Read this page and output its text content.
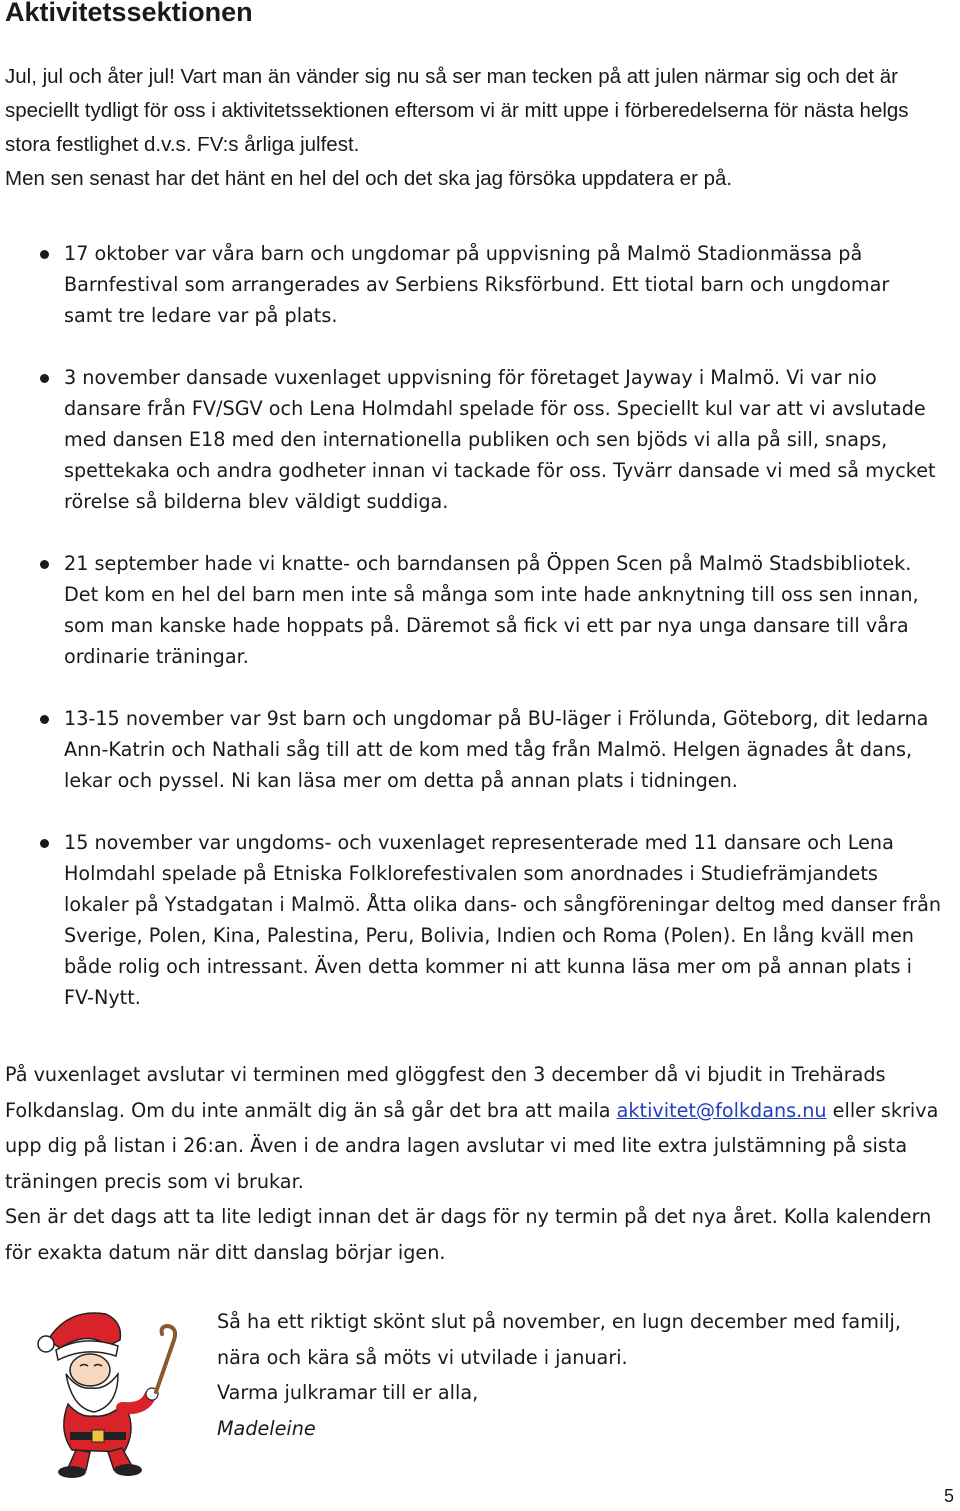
Aktivitetssektionen

Jul, jul och åter jul! Vart man än vänder sig nu så ser man tecken på att julen närmar sig och det är speciellt tydligt för oss i aktivitetssektionen eftersom vi är mitt uppe i förberedelserna för nästa helgs stora festlighet d.v.s. FV:s årliga julfest.
Men sen senast har det hänt en hel del och det ska jag försöka uppdatera er på.

17 oktober var våra barn och ungdomar på uppvisning på Malmö Stadionmässa på Barnfestival som arrangerades av Serbiens Riksförbund. Ett tiotal barn och ungdomar samt tre ledare var på plats.
3 november dansade vuxenlaget uppvisning för företaget Jayway i Malmö. Vi var nio dansare från FV/SGV och Lena Holmdahl spelade för oss. Speciellt kul var att vi avslutade med dansen E18 med den internationella publiken och sen bjöds vi alla på sill, snaps, spettekaka och andra godheter innan vi tackade för oss. Tyvärr dansade vi med så mycket rörelse så bilderna blev väldigt suddiga.
21 september hade vi knatte- och barndansen på Öppen Scen på Malmö Stadsbibliotek. Det kom en hel del barn men inte så många som inte hade anknytning till oss sen innan, som man kanske hade hoppats på. Däremot så fick vi ett par nya unga dansare till våra ordinarie träningar.
13-15 november var 9st barn och ungdomar på BU-läger i Frölunda, Göteborg, dit ledarna Ann-Katrin och Nathali såg till att de kom med tåg från Malmö. Helgen ägnades åt dans, lekar och pyssel. Ni kan läsa mer om detta på annan plats i tidningen.
15 november var ungdoms- och vuxenlaget representerade med 11 dansare och Lena Holmdahl spelade på Etniska Folklorefestivalen som anordnades i Studiefrämjandets lokaler på Ystadgatan i Malmö. Åtta olika dans- och sångföreningar deltog med danser från Sverige, Polen, Kina, Palestina, Peru, Bolivia, Indien och Roma (Polen). En lång kväll men både rolig och intressant. Även detta kommer ni att kunna läsa mer om på annan plats i FV-Nytt.

På vuxenlaget avslutar vi terminen med glöggfest den 3 december då vi bjudit in Trehärads Folkdanslag. Om du inte anmält dig än så går det bra att maila aktivitet@folkdans.nu eller skriva upp dig på listan i 26:an. Även i de andra lagen avslutar vi med lite extra julstämning på sista träningen precis som vi brukar.

Sen är det dags att ta lite ledigt innan det är dags för ny termin på det nya året. Kolla kalendern för exakta datum när ditt danslag börjar igen.

Så ha ett riktigt skönt slut på november, en lugn december med familj, nära och kära så möts vi utvilade i januari.

Varma julkramar till er alla,

Madeleine

5
